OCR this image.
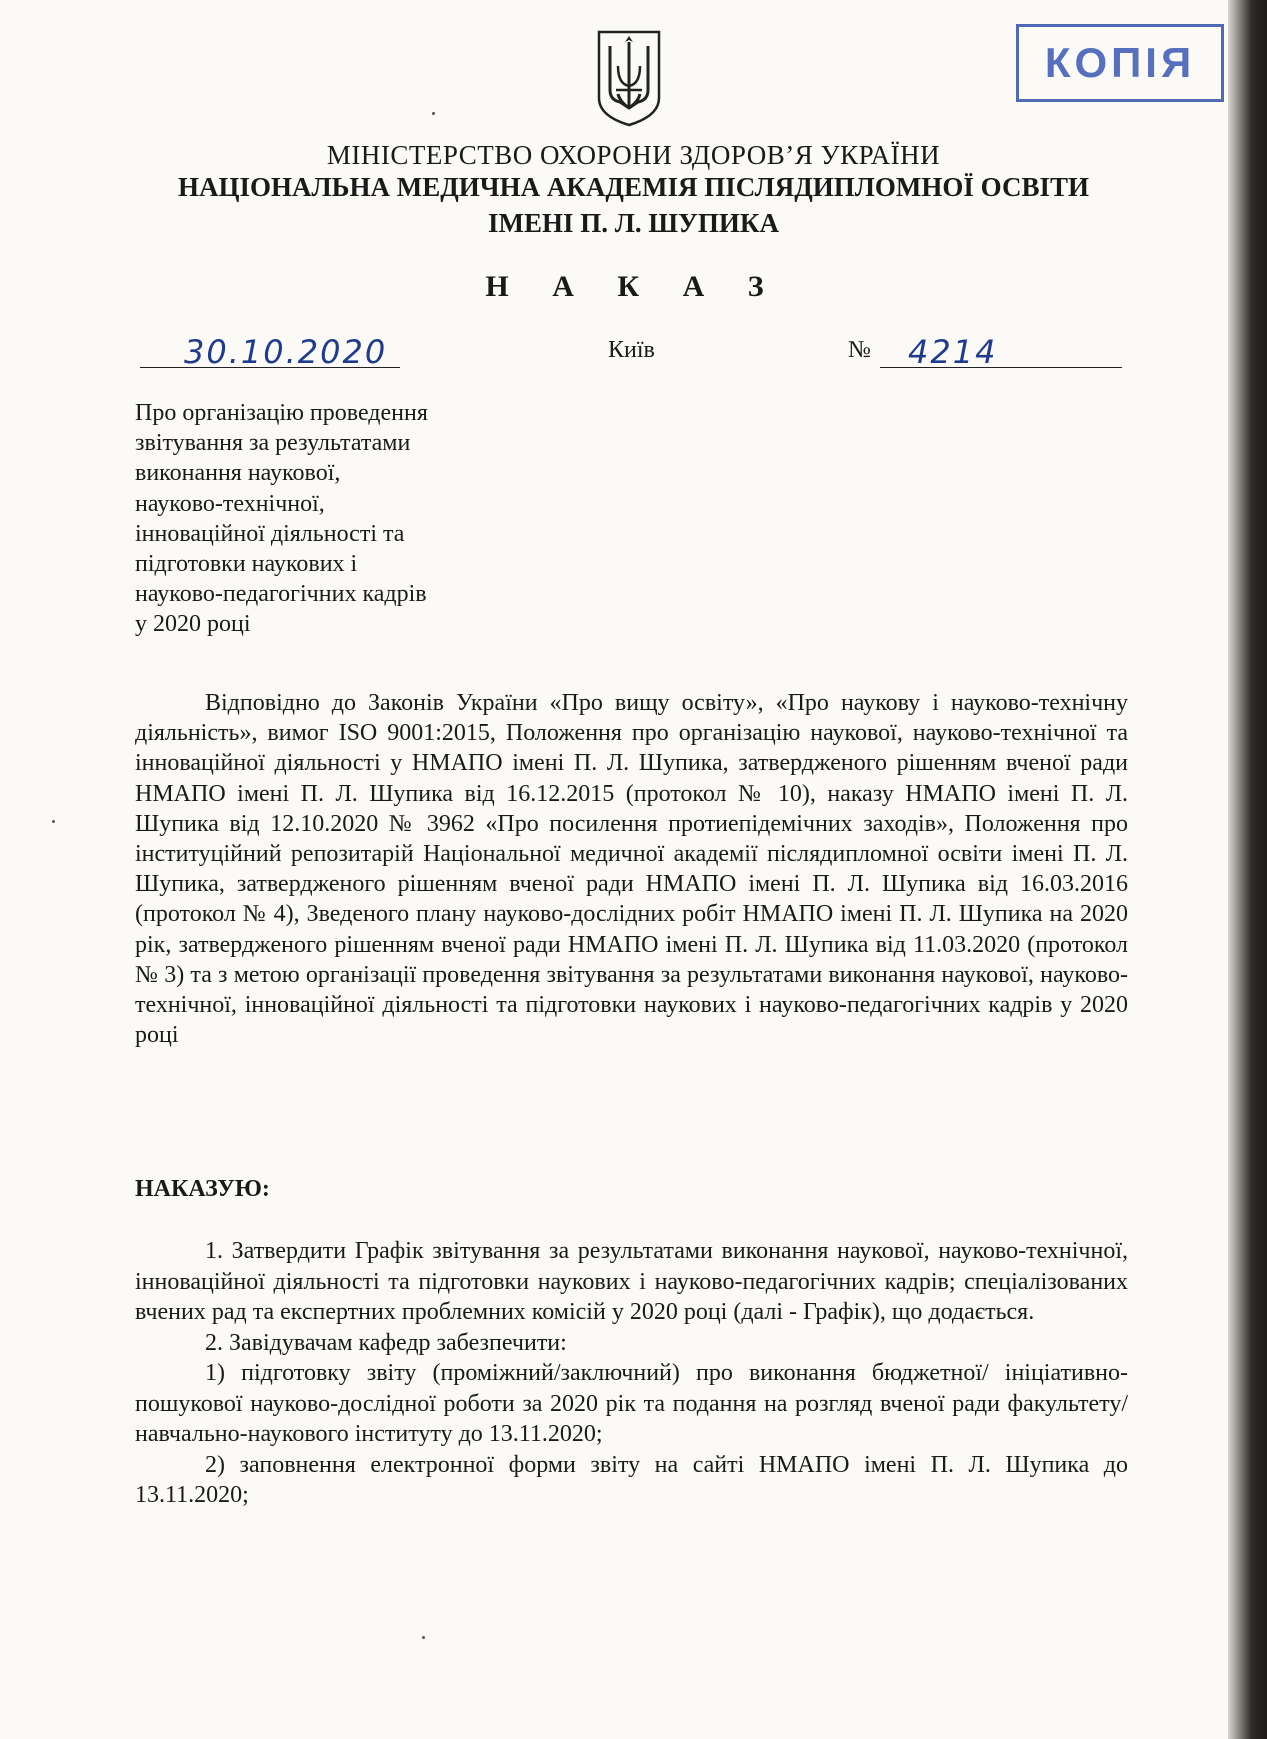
КОПІЯ
МІНІСТЕРСТВО ОХОРОНИ ЗДОРОВ’Я УКРАЇНИ
НАЦІОНАЛЬНА МЕДИЧНА АКАДЕМІЯ ПІСЛЯДИПЛОМНОЇ ОСВІТИ
ІМЕНІ П. Л. ШУПИКА
Н А К А З
30.10.2020	Київ	№ 4214
Про організацію проведення
звітування за результатами
виконання наукової,
науково-технічної,
інноваційної діяльності та
підготовки наукових і
науково-педагогічних кадрів
у 2020 році

Відповідно до Законів України «Про вищу освіту», «Про наукову і науково-технічну діяльність», вимог ISO 9001:2015, Положення про організацію наукової, науково-технічної та інноваційної діяльності у НМАПО імені П. Л. Шупика, затвердженого рішенням вченої ради НМАПО імені П. Л. Шупика від 16.12.2015 (протокол № 10), наказу НМАПО імені П. Л. Шупика від 12.10.2020 № 3962 «Про посилення протиепідемічних заходів», Положення про інституційний репозитарій Національної медичної академії післядипломної освіти імені П. Л. Шупика, затвердженого рішенням вченої ради НМАПО імені П. Л. Шупика від 16.03.2016 (протокол № 4), Зведеного плану науково-дослідних робіт НМАПО імені П. Л. Шупика на 2020 рік, затвердженого рішенням вченої ради НМАПО імені П. Л. Шупика від 11.03.2020 (протокол № 3) та з метою організації проведення звітування за результатами виконання наукової, науково-технічної, інноваційної діяльності та підготовки наукових і науково-педагогічних кадрів у 2020 році

НАКАЗУЮ:

1. Затвердити Графік звітування за результатами виконання наукової, науково-технічної, інноваційної діяльності та підготовки наукових і науково-педагогічних кадрів; спеціалізованих вчених рад та експертних проблемних комісій у 2020 році (далі - Графік), що додається.

2. Завідувачам кафедр забезпечити:

1) підготовку звіту (проміжний/заключний) про виконання бюджетної/ ініціативно-пошукової науково-дослідної роботи за 2020 рік та подання на розгляд вченої ради факультету/навчально-наукового інституту до 13.11.2020;

2) заповнення електронної форми звіту на сайті НМАПО імені П. Л. Шупика до 13.11.2020;
